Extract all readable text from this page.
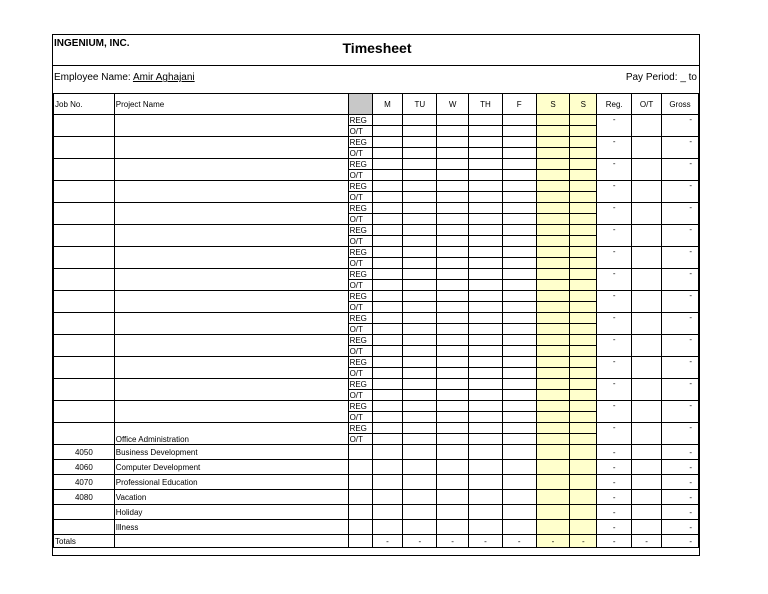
INGENIUM, INC.	Timesheet
Employee Name: Amir Aghajani	Pay Period: _ to
Job No.	Project Name		M	TU	W	TH	F	S	S	Reg.	O/T	Gross
		REG								-		-
		O/T										
		REG								-		-
		O/T										
		REG								-		-
		O/T										
		REG								-		-
		O/T										
		REG								-		-
		O/T										
		REG								-		-
		O/T										
		REG								-		-
		O/T										
		REG								-		-
		O/T										
		REG								-		-
		O/T										
		REG								-		-
		O/T										
		REG								-		-
		O/T										
		REG								-		-
		O/T										
		REG								-		-
		O/T										
		REG								-		-
		O/T										
	Office Administration	REG								-		-
		O/T										
4050	Business Development									-		-
4060	Computer Development									-		-
4070	Professional Education									-		-
4080	Vacation									-		-
	Holiday									-		-
	Illness									-		-
Totals			-	-	-	-	-	-	-	-	-	-
